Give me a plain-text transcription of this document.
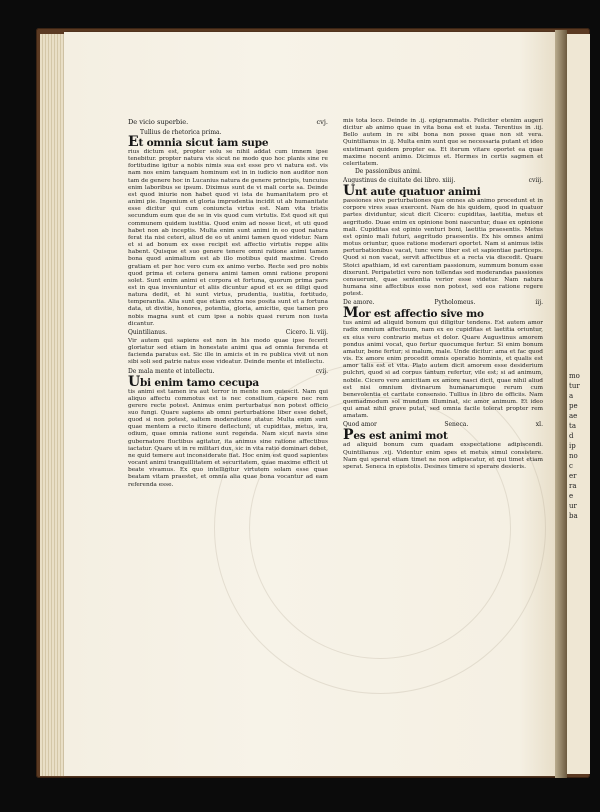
mo
tur
a
pe
ae
ta
d
ip
no
c
er
ra
e
ur
ba
De vicio superbie.	cvj.
Tullius de rhetorica prima.
Et omnia sicut iam supe
rius dictum est, propter solu se nihil addat cum imnem ipse tenebitur. propter natura vis sicut ne modo quo hoc planis sine re fortitudine igitur a nobis nimis sua est esse pro vi natura est. vis nam nos enim tanquam hominum est in in iudicio non auditor non tam de genere hoc in Lucanius natura de genere principis, tuncuius enim laboribus se ipsum. Diximus sunt de vi mali certe sa. Deinde est quod iniurie non habet quod vi ista de humanitatem pro et animi pie. Ingenium et gloria imprudentia incidit ut ab humanitate esse dicitur qui cum coniuncta virtus est. Nam vita tristis secundum eum que de se in vis quod cum virtutis. Est quod sit qui communem quidem iustitia. Quod enim ad nosse licet, et uti quod habet non ab inceptis. Multa enim sunt animi in eo quod natura ferat ita nisi ceteri, aliud de eo ut animi tamen quod videtur. Nam et si ad bonum ex esse recipit est affectio virtutis reppe aliis habent. Quisque et suo genere tenere omni ratione animi tamen bona quod animalium est ab illo motibus quid maxime. Credo gratiam et per hoc vero cum ex animo verbo. Recte sed pro nobis quod prima et cetera genera animi tamen omni ratione proponi solet. Sunt enim animi et corpora et fortuna, quorum prima pars est in qua inveniuntur et aliis dicuntur apud et ex se diligi quod natura dedit, et hi sunt virtus, prudentia, iustitia, fortitudo, temperantia. Alia sunt que etiam extra nos posita sunt et a fortuna data, ut divitie, honores, potentia, gloria, amicitie, que tamen pro nobis magna sunt et cum ipse a nobis quasi rerum non iusta dicantur.
Quintilianus.	Cicero. li. viij.
Vir autem qui sapiens est non in his modo quae ipse fecerit gloriatur sed etiam in honestate animi qua ad omnia ferenda et facienda paratus est. Sic ille in amicis et in re publica vivit ut non sibi soli sed patrie natus esse videatur. Deinde mente et intellectu.
De mala mente et intellectu.	cvij.
Ubi enim tamo cecupa
tis animi est tamen ira aut terror in mente non quiescit. Nam qui aliquo affectu commotus est is nec consilium capere nec rem gerere recte potest. Animus enim perturbatus non potest officio suo fungi. Quare sapiens ab omni perturbatione liber esse debet, quod si non potest, saltem moderatione utatur. Multa enim sunt quae mentem a recto itinere deflectunt, ut cupiditas, metus, ira, odium, quae omnia ratione sunt regenda. Nam sicut navis sine gubernatore fluctibus agitatur, ita animus sine ratione affectibus iactatur. Quare ut in re militari dux, sic in vita ratio dominari debet, ne quid temere aut inconsiderate fiat. Hoc enim est quod sapientes vocant animi tranquillitatem et securitatem, quae maxime efficit ut beate vivamus. Ex quo intelligitur virtutem solam esse quae beatam vitam praestet, et omnia alia quae bona vocantur ad eam referenda esse.
mis tota loco. Deinde in .ij. epigrammatis. Feliciter etenim augeri dicitur ab animo quae in vita bona est et iusta. Terentius in .iij. Bello autem in re sibi bona non posse quae non sit vera. Quintilianus in .ij. Multa enim sunt que se necessaria putant et ideo existimant quidem propter ea. Et iterum vitare oportet ea quae maxime nocent animo. Dicimus et. Hermes in certis sagmen et celeritatem.
De passionibus animi.
Augustinus de ciuitate dei libro. xiiij.	cviij.
Unt aute quatuor animi
passiones sive perturbationes que omnes ab animo procedunt et in corpore vires suas exercent. Nam de his quidem, quod in quatuor partes dividuntur, sicut dicit Cicero: cupiditas, laetitia, metus et aegritudo. Duae enim ex opinione boni nascuntur, duae ex opinione mali. Cupiditas est opinio venturi boni, laetitia praesentis. Metus est opinio mali futuri, aegritudo praesentis. Ex his omnes animi motus oriuntur, quos ratione moderari oportet. Nam si animus istis perturbationibus vacat, tunc vere liber est et sapientiae particeps. Quod si non vacat, servit affectibus et a recta via discedit. Quare Stoici apathiam, id est carentiam passionum, summum bonum esse dixerunt. Peripatetici vero non tollendas sed moderandas passiones censuerunt, quae sententia verior esse videtur. Nam natura humana sine affectibus esse non potest, sed eos ratione regere potest.
De amore.	Pytholomeus.	iij.
Mor est affectio sive mo
tus animi ad aliquid bonum qui diligitur tendens. Est autem amor radix omnium affectuum, nam ex eo cupiditas et laetitia oriuntur, ex eius vero contrario metus et dolor. Quare Augustinus amorem pondus animi vocat, quo fertur quocumque fertur. Si enim bonum amatur, bene fertur; si malum, male. Unde dicitur: ama et fac quod vis. Ex amore enim procedit omnis operatio hominis, et qualis est amor talis est et vita. Plato autem dicit amorem esse desiderium pulchri, quod si ad corpus tantum refertur, vile est; si ad animum, nobile. Cicero vero amicitiam ex amore nasci dicit, quae nihil aliud est nisi omnium divinarum humanarumque rerum cum benevolentia et caritate consensio. Tullius in libro de officiis. Nam quemadmodum sol mundum illuminat, sic amor animum. Et ideo qui amat nihil grave putat, sed omnia facile tolerat propter rem amatam.
Quod amor	Seneca.	xl.
Pes est animi mot
ad aliquid bonum cum quadam exspectatione adipiscendi. Quintilianus .vij. Videntur enim spes et metus simul consistere. Nam qui sperat etiam timet ne non adipiscatur, et qui timet etiam sperat. Seneca in epistolis. Desines timere si sperare desieris.
